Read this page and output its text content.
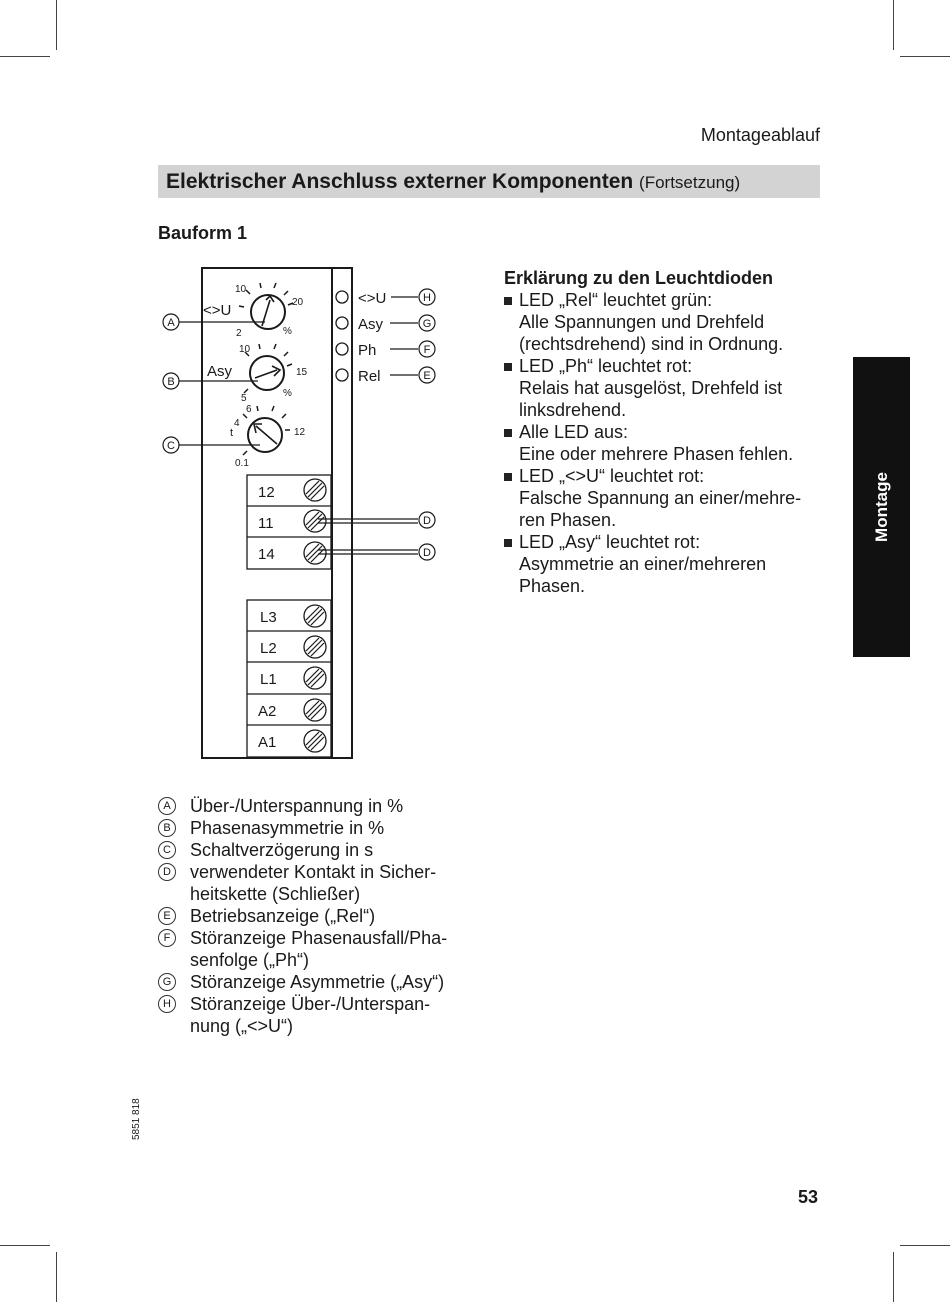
Montageablauf
Elektrischer Anschluss externer Komponenten (Fortsetzung)
Bauform 1
10
20
2	%
<>U
10
15
5	%
Asy
6
4
12
0.1
t
A
B
C
<>U	H
Asy	G
Ph	F
Rel	E
12
11
14
D
D
L3
L2
L1
A2
A1
A Über-/Unterspannung in %
B Phasenasymmetrie in %
C Schaltverzögerung in s
D verwendeter Kontakt in Sicher-heitskette (Schließer)
E Betriebsanzeige („Rel“)
F	Störanzeige Phasenausfall/Pha-senfolge („Ph“)
G Störanzeige Asymmetrie („Asy“)
H Störanzeige Über-/Unterspan-nung („<>U“)
Erklärung zu den Leuchtdioden
LED „Rel“ leuchtet grün:
Alle Spannungen und Drehfeld (rechtsdrehend) sind in Ordnung.
LED „Ph“ leuchtet rot:
Relais hat ausgelöst, Drehfeld ist linksdrehend.
Alle LED aus:
Eine oder mehrere Phasen fehlen.
LED „<>U“ leuchtet rot:
Falsche Spannung an einer/mehre-ren Phasen.
LED „Asy“ leuchtet rot:
Asymmetrie an einer/mehreren Phasen.
Montage
5851 818
53
